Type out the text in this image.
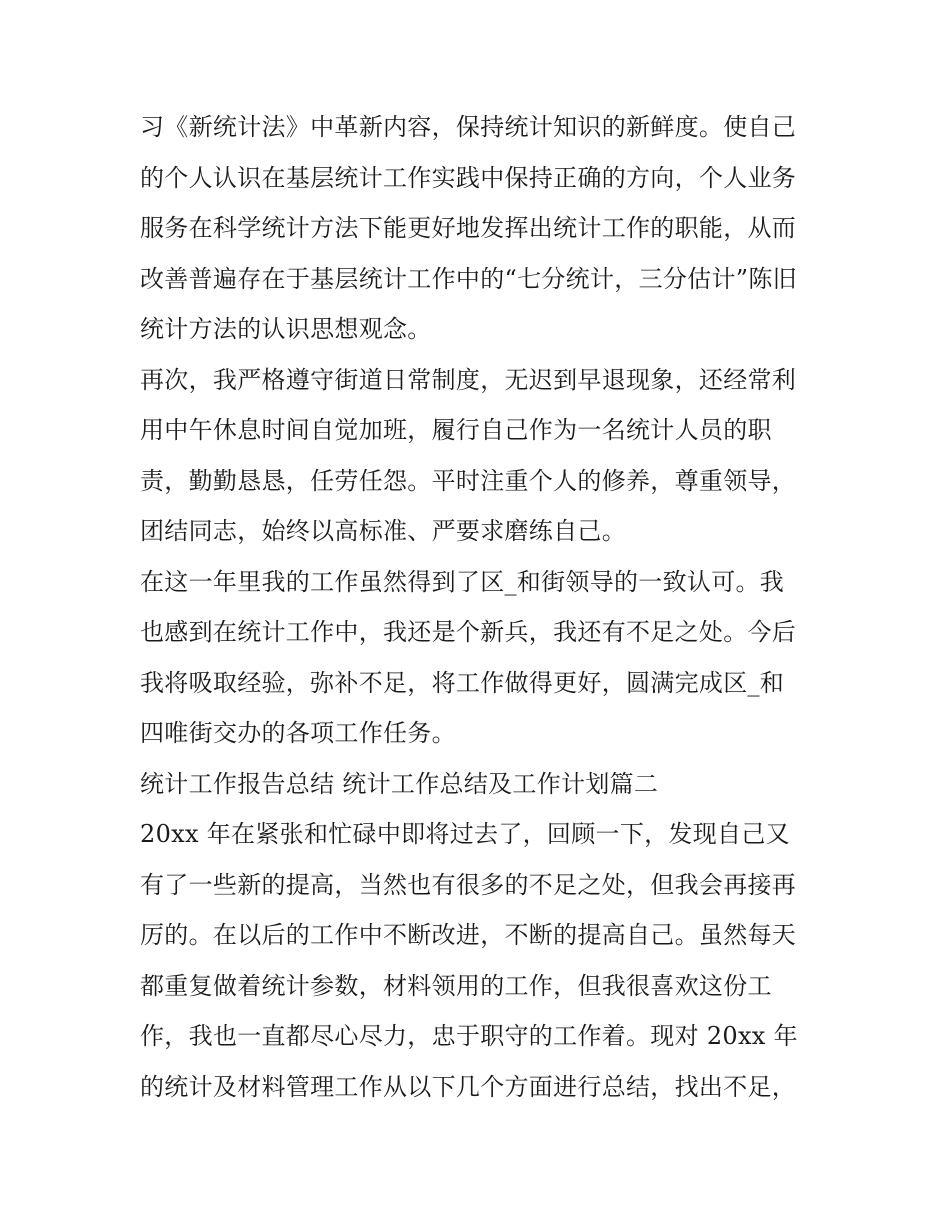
习《新统计法》中革新内容，保持统计知识的新鲜度。使自己
的个人认识在基层统计工作实践中保持正确的方向，个人业务
服务在科学统计方法下能更好地发挥出统计工作的职能，从而
改善普遍存在于基层统计工作中的“七分统计，三分估计”陈旧
统计方法的认识思想观念。

再次，我严格遵守街道日常制度，无迟到早退现象，还经常利
用中午休息时间自觉加班，履行自己作为一名统计人员的职
责，勤勤恳恳，任劳任怨。平时注重个人的修养，尊重领导，
团结同志，始终以高标准、严要求磨练自己。

在这一年里我的工作虽然得到了区_和街领导的一致认可。我
也感到在统计工作中，我还是个新兵，我还有不足之处。今后
我将吸取经验，弥补不足，将工作做得更好，圆满完成区_和
四唯街交办的各项工作任务。

统计工作报告总结 统计工作总结及工作计划篇二

20xx 年在紧张和忙碌中即将过去了，回顾一下，发现自己又
有了一些新的提高，当然也有很多的不足之处，但我会再接再
厉的。在以后的工作中不断改进，不断的提高自己。虽然每天
都重复做着统计参数，材料领用的工作，但我很喜欢这份工
作，我也一直都尽心尽力，忠于职守的工作着。现对 20xx 年
的统计及材料管理工作从以下几个方面进行总结，找出不足，
